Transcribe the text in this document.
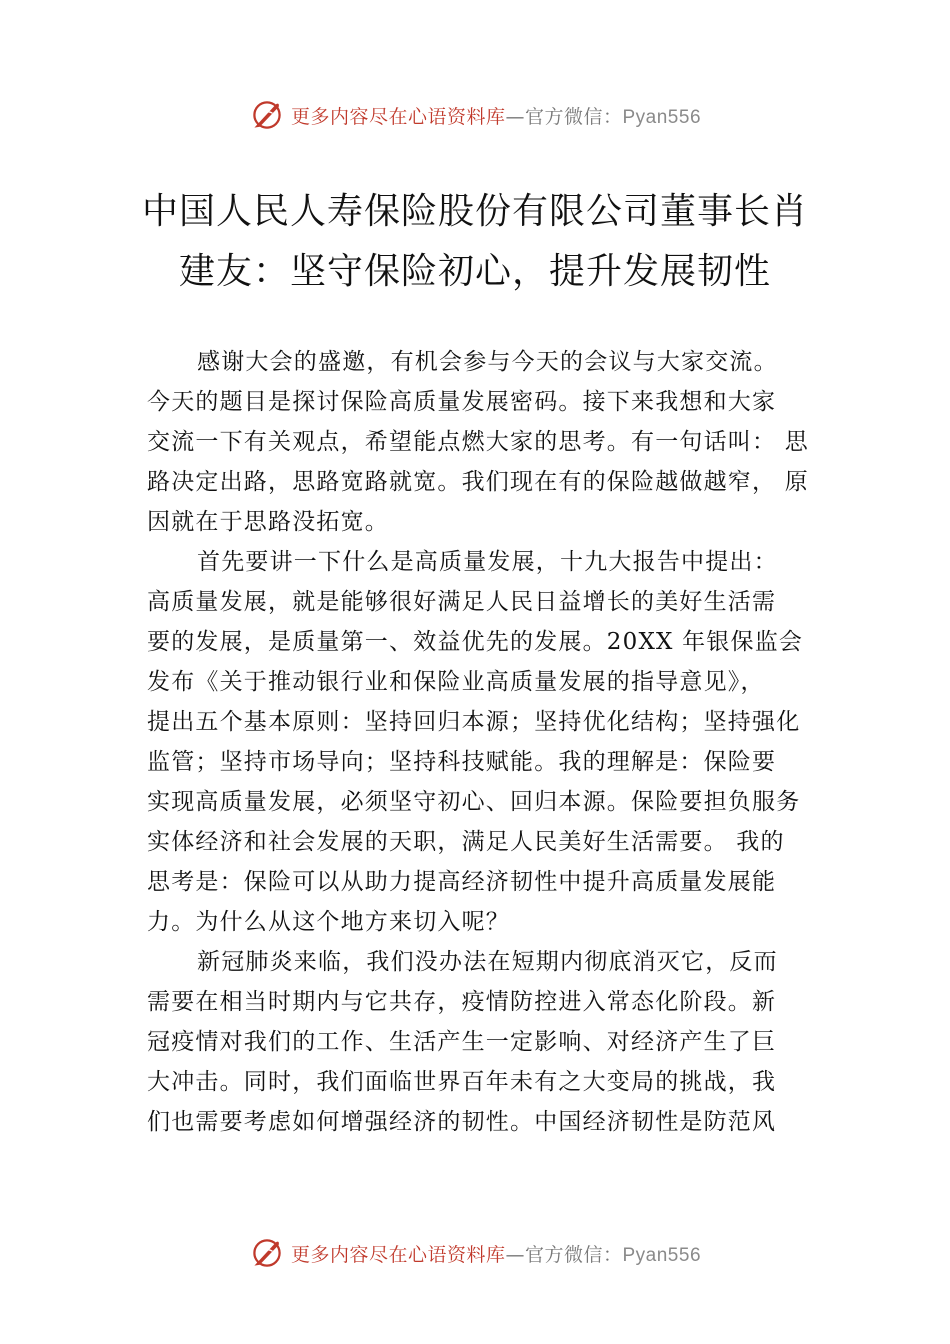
更多内容尽在心语资料库—官方微信：Pyan556
中国人民人寿保险股份有限公司董事长肖
建友：坚守保险初心，提升发展韧性
感谢大会的盛邀，有机会参与今天的会议与大家交流。
今天的题目是探讨保险高质量发展密码。接下来我想和大家
交流一下有关观点，希望能点燃大家的思考。有一句话叫： 思
路决定出路，思路宽路就宽。我们现在有的保险越做越窄， 原
因就在于思路没拓宽。
首先要讲一下什么是高质量发展，十九大报告中提出：
高质量发展，就是能够很好满足人民日益增长的美好生活需
要的发展，是质量第一、效益优先的发展。20XX 年银保监会
发布《关于推动银行业和保险业高质量发展的指导意见》，
提出五个基本原则：坚持回归本源；坚持优化结构；坚持强化
监管；坚持市场导向；坚持科技赋能。我的理解是：保险要
实现高质量发展，必须坚守初心、回归本源。保险要担负服务
实体经济和社会发展的天职，满足人民美好生活需要。 我的
思考是：保险可以从助力提高经济韧性中提升高质量发展能
力。为什么从这个地方来切入呢？
新冠肺炎来临，我们没办法在短期内彻底消灭它，反而
需要在相当时期内与它共存，疫情防控进入常态化阶段。新
冠疫情对我们的工作、生活产生一定影响、对经济产生了巨
大冲击。同时，我们面临世界百年未有之大变局的挑战，我
们也需要考虑如何增强经济的韧性。中国经济韧性是防范风
更多内容尽在心语资料库—官方微信：Pyan556
